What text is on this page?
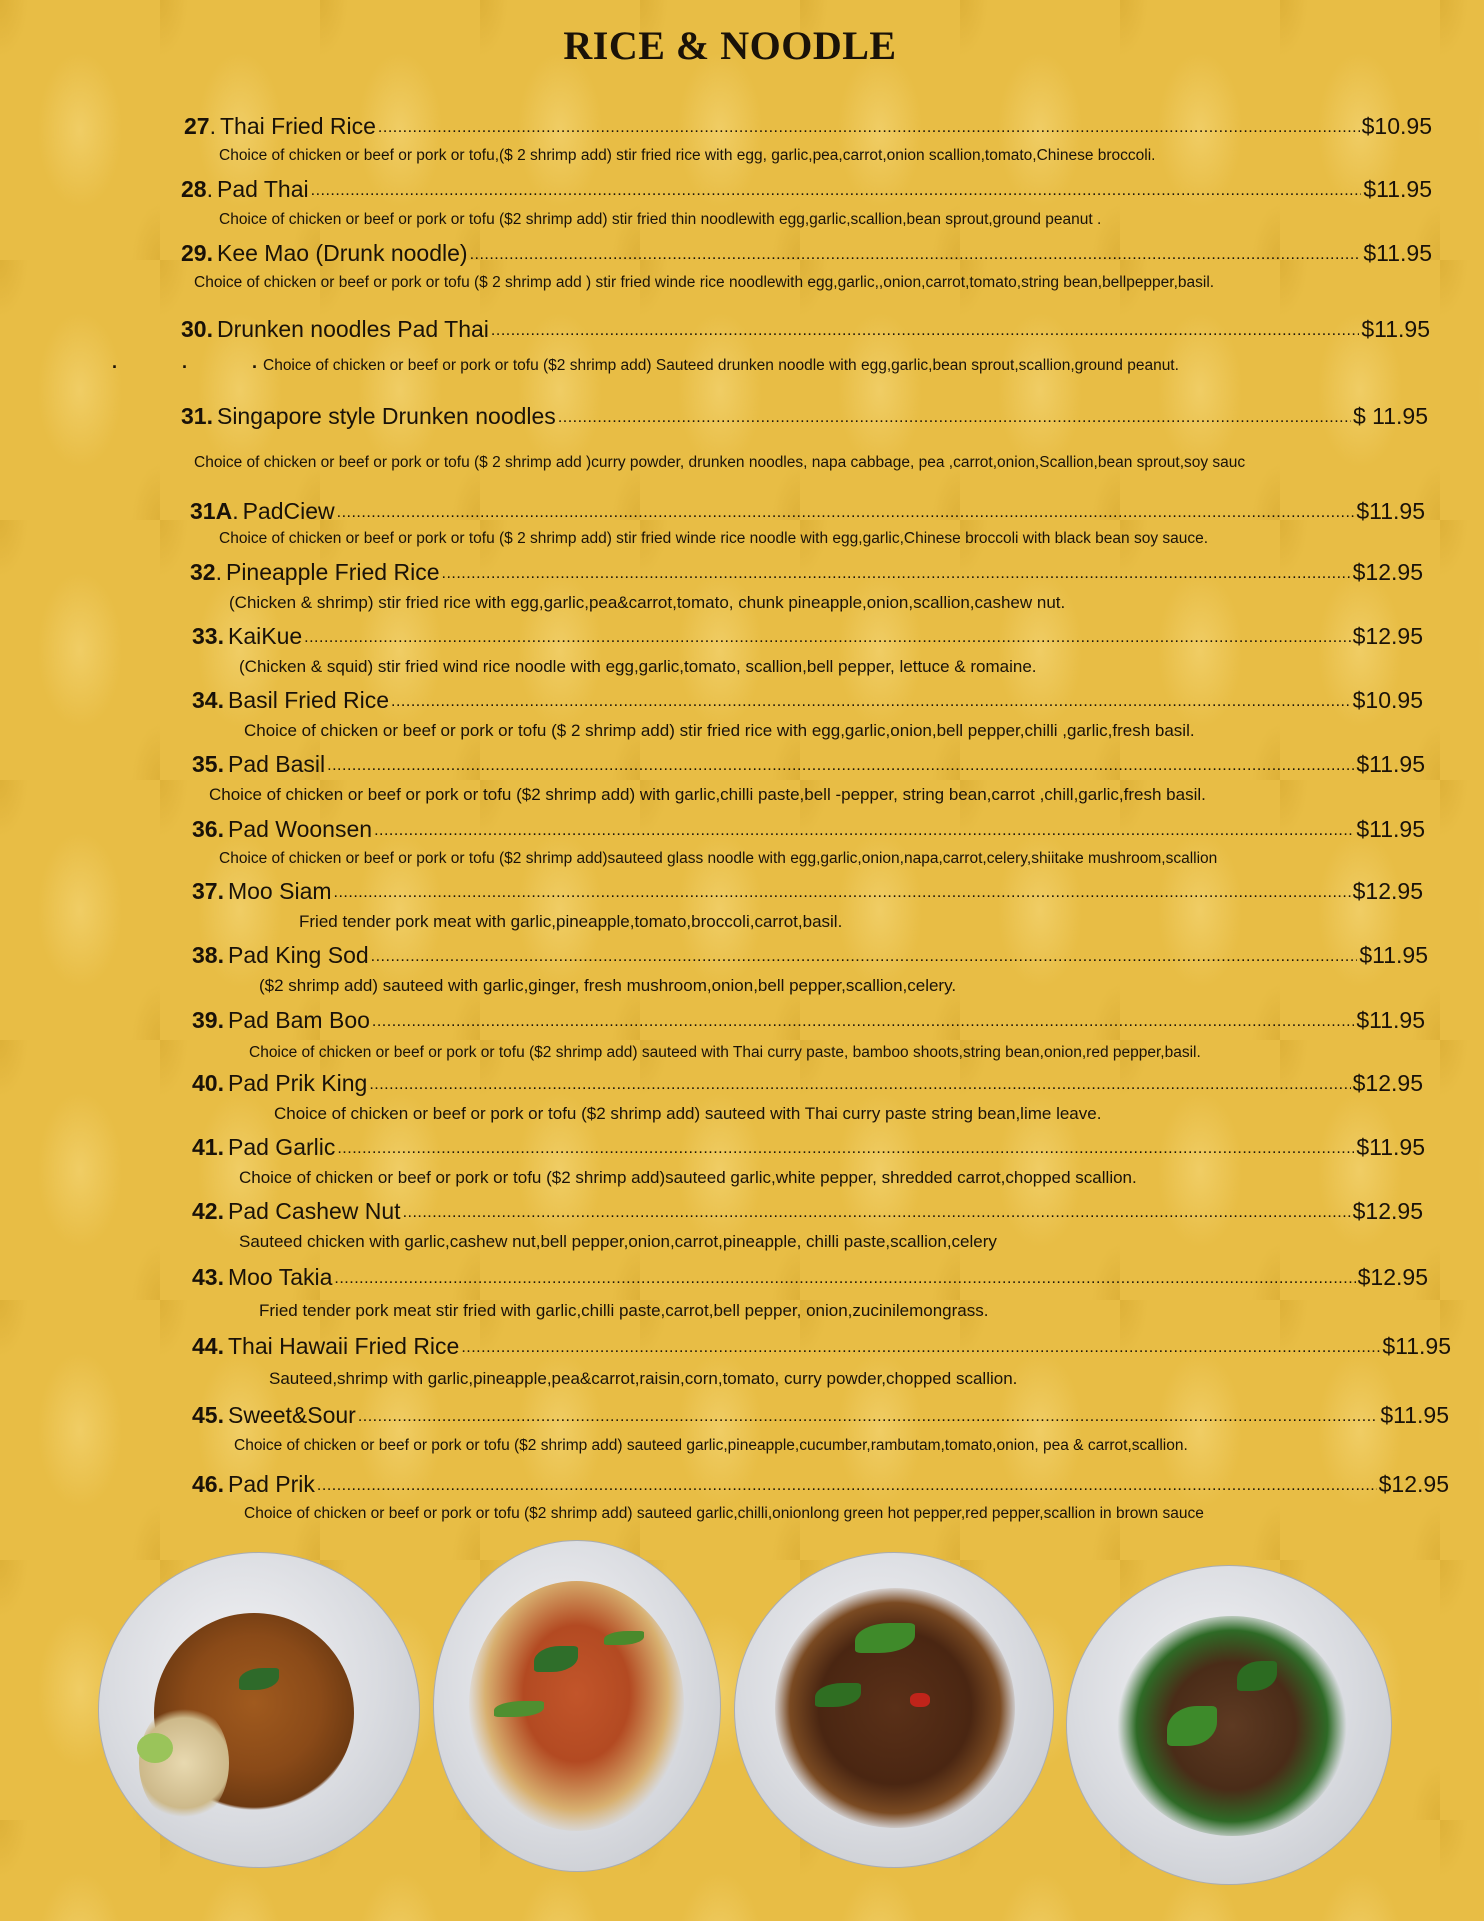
RICE & NOODLE
. . .
27 . Thai Fried Rice .....	$10.95
Choice of chicken or beef or pork or tofu,($ 2 shrimp add) stir fried rice with egg, garlic,pea,carrot,onion scallion,tomato,Chinese broccoli.
28 . Pad Thai .....	$11.95
Choice of chicken or beef or pork or tofu ($2 shrimp add) stir fried thin noodlewith egg,garlic,scallion,bean sprout,ground peanut .
29. Kee Mao (Drunk noodle) .....	$11.95
Choice of chicken or beef or pork or tofu ($ 2 shrimp add ) stir fried winde rice noodlewith egg,garlic,,onion,carrot,tomato,string bean,bellpepper,basil.
30. Drunken noodles Pad Thai .....	$11.95
Choice of chicken or beef or pork or tofu ($2 shrimp add) Sauteed drunken noodle with egg,garlic,bean sprout,scallion,ground peanut.
31. Singapore style Drunken noodles .....	$ 11.95
Choice of chicken or beef or pork or tofu ($ 2 shrimp add )curry powder, drunken noodles, napa cabbage, pea ,carrot,onion,Scallion,bean sprout,soy sauc
31A . PadCiew .....	$11.95
Choice of chicken or beef or pork or tofu ($ 2 shrimp add) stir fried winde rice noodle with egg,garlic,Chinese broccoli with black bean soy sauce.
32 . Pineapple Fried Rice .....	$12.95
(Chicken & shrimp) stir fried rice with egg,garlic,pea&carrot,tomato, chunk pineapple,onion,scallion,cashew nut.
33. KaiKue .....	$12.95
(Chicken & squid) stir fried wind rice noodle with egg,garlic,tomato, scallion,bell pepper, lettuce & romaine.
34. Basil Fried Rice .....	$10.95
Choice of chicken or beef or pork or tofu ($ 2 shrimp add) stir fried rice with egg,garlic,onion,bell pepper,chilli ,garlic,fresh basil.
35. Pad Basil .....	$11.95
Choice of chicken or beef or pork or tofu ($2 shrimp add) with garlic,chilli paste,bell -pepper, string bean,carrot ,chill,garlic,fresh basil.
36. Pad Woonsen .....	$11.95
Choice of chicken or beef or pork or tofu ($2 shrimp add)sauteed glass noodle with egg,garlic,onion,napa,carrot,celery,shiitake mushroom,scallion
37. Moo Siam .....	$12.95
Fried tender pork meat with garlic,pineapple,tomato,broccoli,carrot,basil.
38. Pad King Sod .....	$11.95
($2 shrimp add) sauteed with garlic,ginger, fresh mushroom,onion,bell pepper,scallion,celery.
39. Pad Bam Boo .....	$11.95
Choice of chicken or beef or pork or tofu ($2 shrimp add) sauteed with Thai curry paste, bamboo shoots,string bean,onion,red pepper,basil.
40. Pad Prik King .....	$12.95
Choice of chicken or beef or pork or tofu ($2 shrimp add) sauteed with Thai curry paste string bean,lime leave.
41. Pad Garlic .....	$11.95
Choice of chicken or beef or pork or tofu ($2 shrimp add)sauteed garlic,white pepper, shredded carrot,chopped scallion.
42. Pad Cashew Nut .....	$12.95
Sauteed chicken with garlic,cashew nut,bell pepper,onion,carrot,pineapple, chilli paste,scallion,celery
43. Moo Takia .....	$12.95
Fried tender pork meat stir fried with garlic,chilli paste,carrot,bell pepper, onion,zucinilemongrass.
44. Thai Hawaii Fried Rice .....	$11.95
Sauteed,shrimp with garlic,pineapple,pea&carrot,raisin,corn,tomato, curry powder,chopped scallion.
45. Sweet&Sour .....	$11.95
Choice of chicken or beef or pork or tofu ($2 shrimp add) sauteed garlic,pineapple,cucumber,rambutam,tomato,onion, pea & carrot,scallion.
46. Pad Prik .....	$12.95
Choice of chicken or beef or pork or tofu ($2 shrimp add) sauteed garlic,chilli,onionlong green hot pepper,red pepper,scallion in brown sauce
